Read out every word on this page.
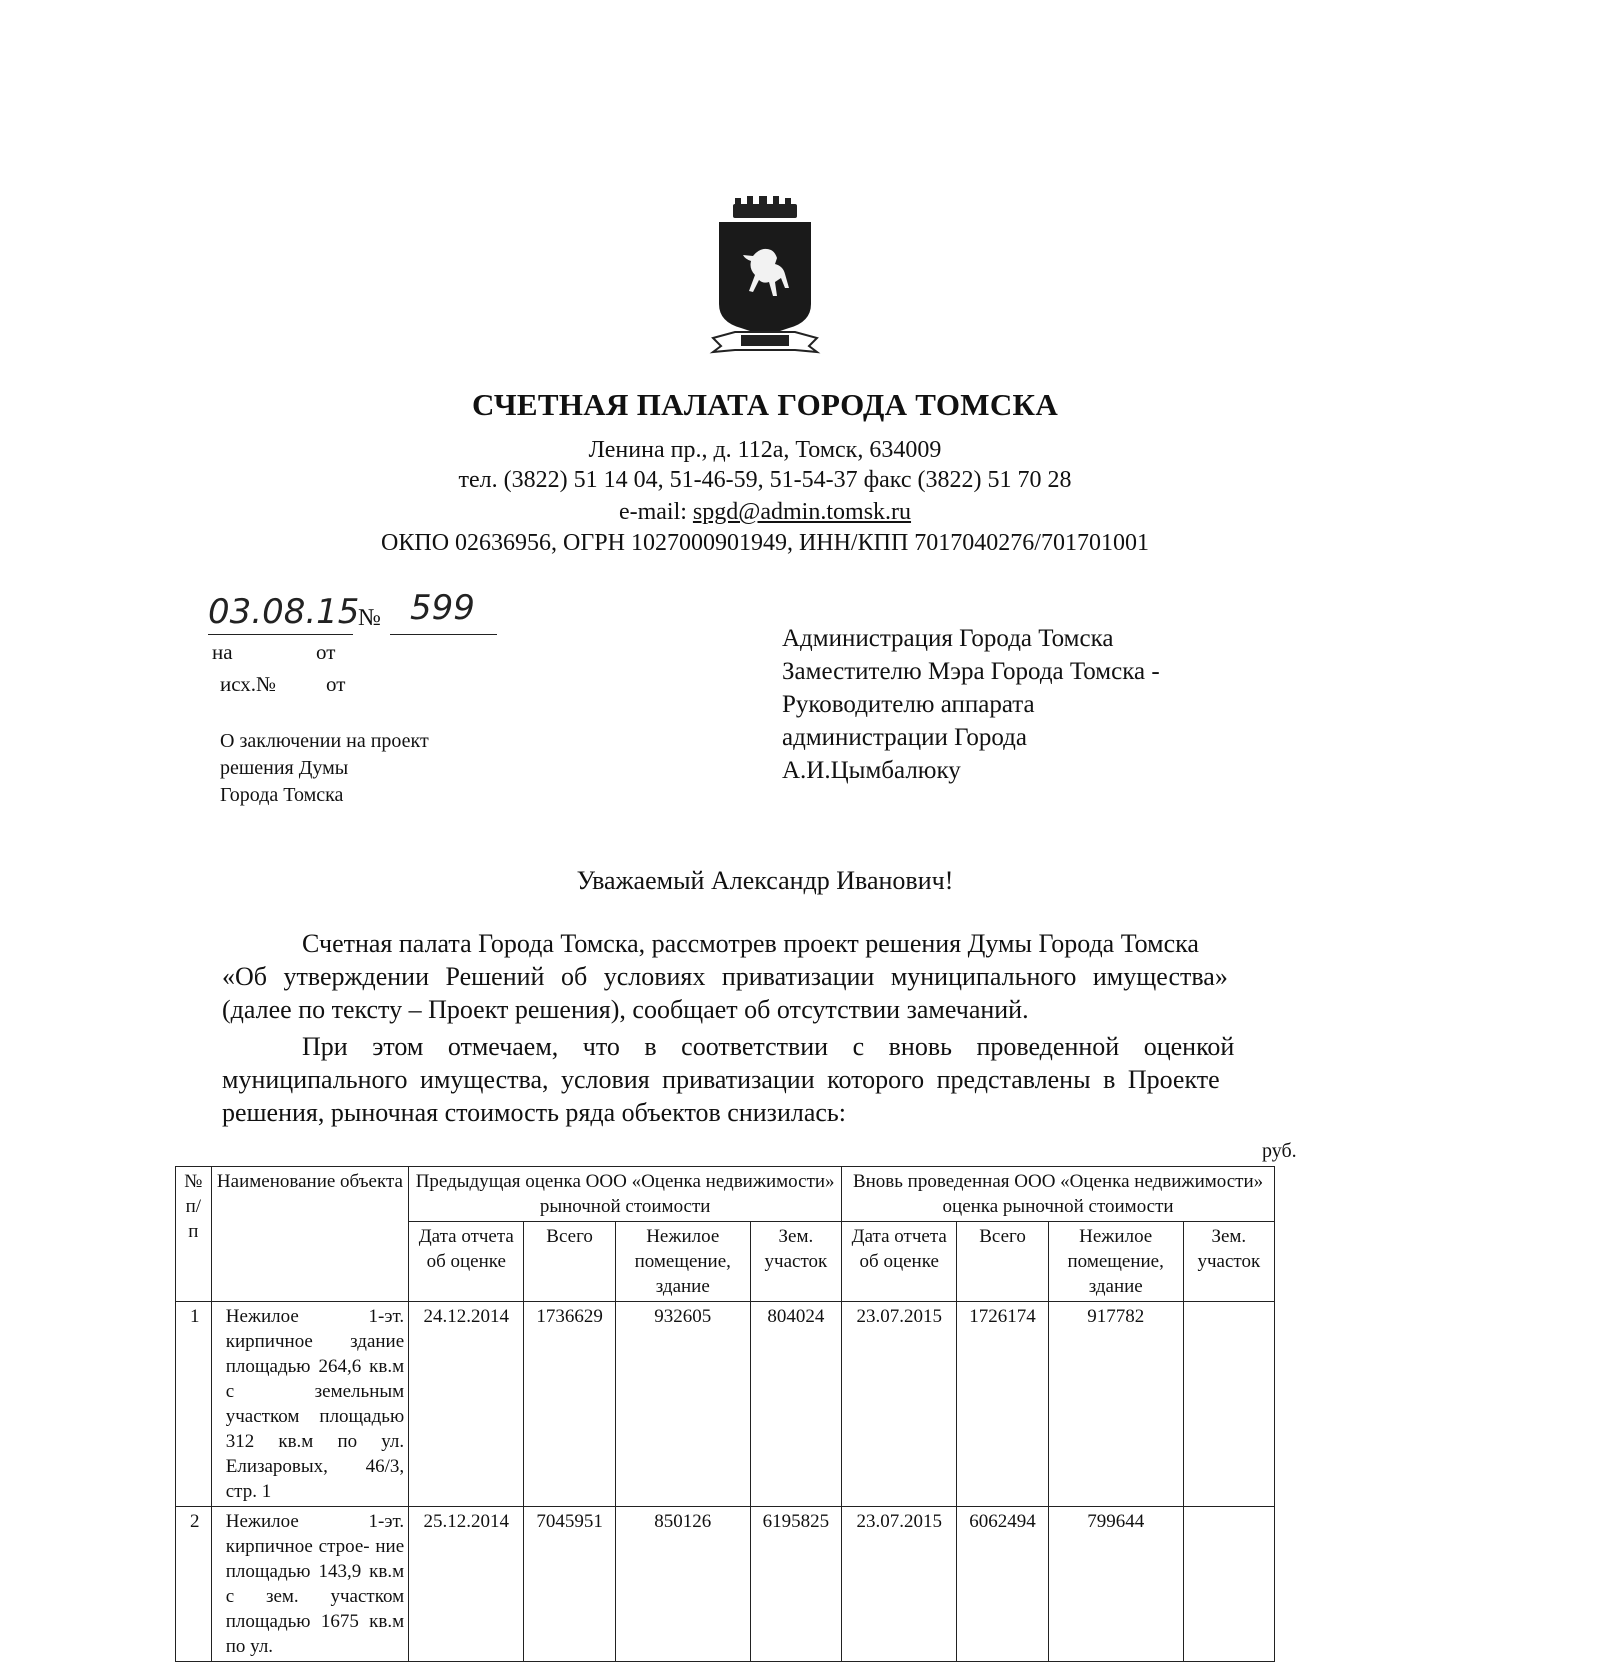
СЧЕТНАЯ ПАЛАТА ГОРОДА ТОМСКА
Ленина пр., д. 112а, Томск, 634009
тел. (3822) 51 14 04, 51-46-59, 51-54-37 факс (3822) 51 70 28
e-mail: spgd@admin.tomsk.ru
ОКПО 02636956, ОГРН 1027000901949, ИНН/КПП 7017040276/701701001
03.08.15
№ 599
на	от
исх.№ от
О заключении на проект
решения Думы
Города Томска
Администрация Города Томска
Заместителю Мэра Города Томска -
Руководителю аппарата
администрации Города
А.И.Цымбалюку
Уважаемый Александр Иванович!
Счетная палата Города Томска, рассмотрев проект решения Думы Города Томска
«Об утверждении Решений об условиях приватизации муниципального имущества»
(далее по тексту – Проект решения), сообщает об отсутствии замечаний.
При этом отмечаем, что в соответствии с вновь проведенной оценкой
муниципального имущества, условия приватизации которого представлены в Проекте
решения, рыночная стоимость ряда объектов снизилась:
руб.
№ п/ п	Наименование объекта	Предыдущая оценка ООО «Оценка недвижимости» рыночной стоимости				Вновь проведенная ООО «Оценка недвижимости» оценка рыночной стоимости			
		Дата отчета об оценке	Всего	Нежилое помещение, здание	Зем. участок	Дата отчета об оценке	Всего	Нежилое помещение, здание	Зем. участок
1	Нежилое 1-эт. кирпичное здание площадью 264,6 кв.м с земельным участком площадью 312 кв.м по ул. Елизаровых, 46/3, стр. 1	24.12.2014	1736629	932605	804024	23.07.2015	1726174	917782	
2	Нежилое 1-эт. кирпичное строе- ние площадью 143,9 кв.м с зем. участком площадью 1675 кв.м по ул.	25.12.2014	7045951	850126	6195825	23.07.2015	6062494	799644	
